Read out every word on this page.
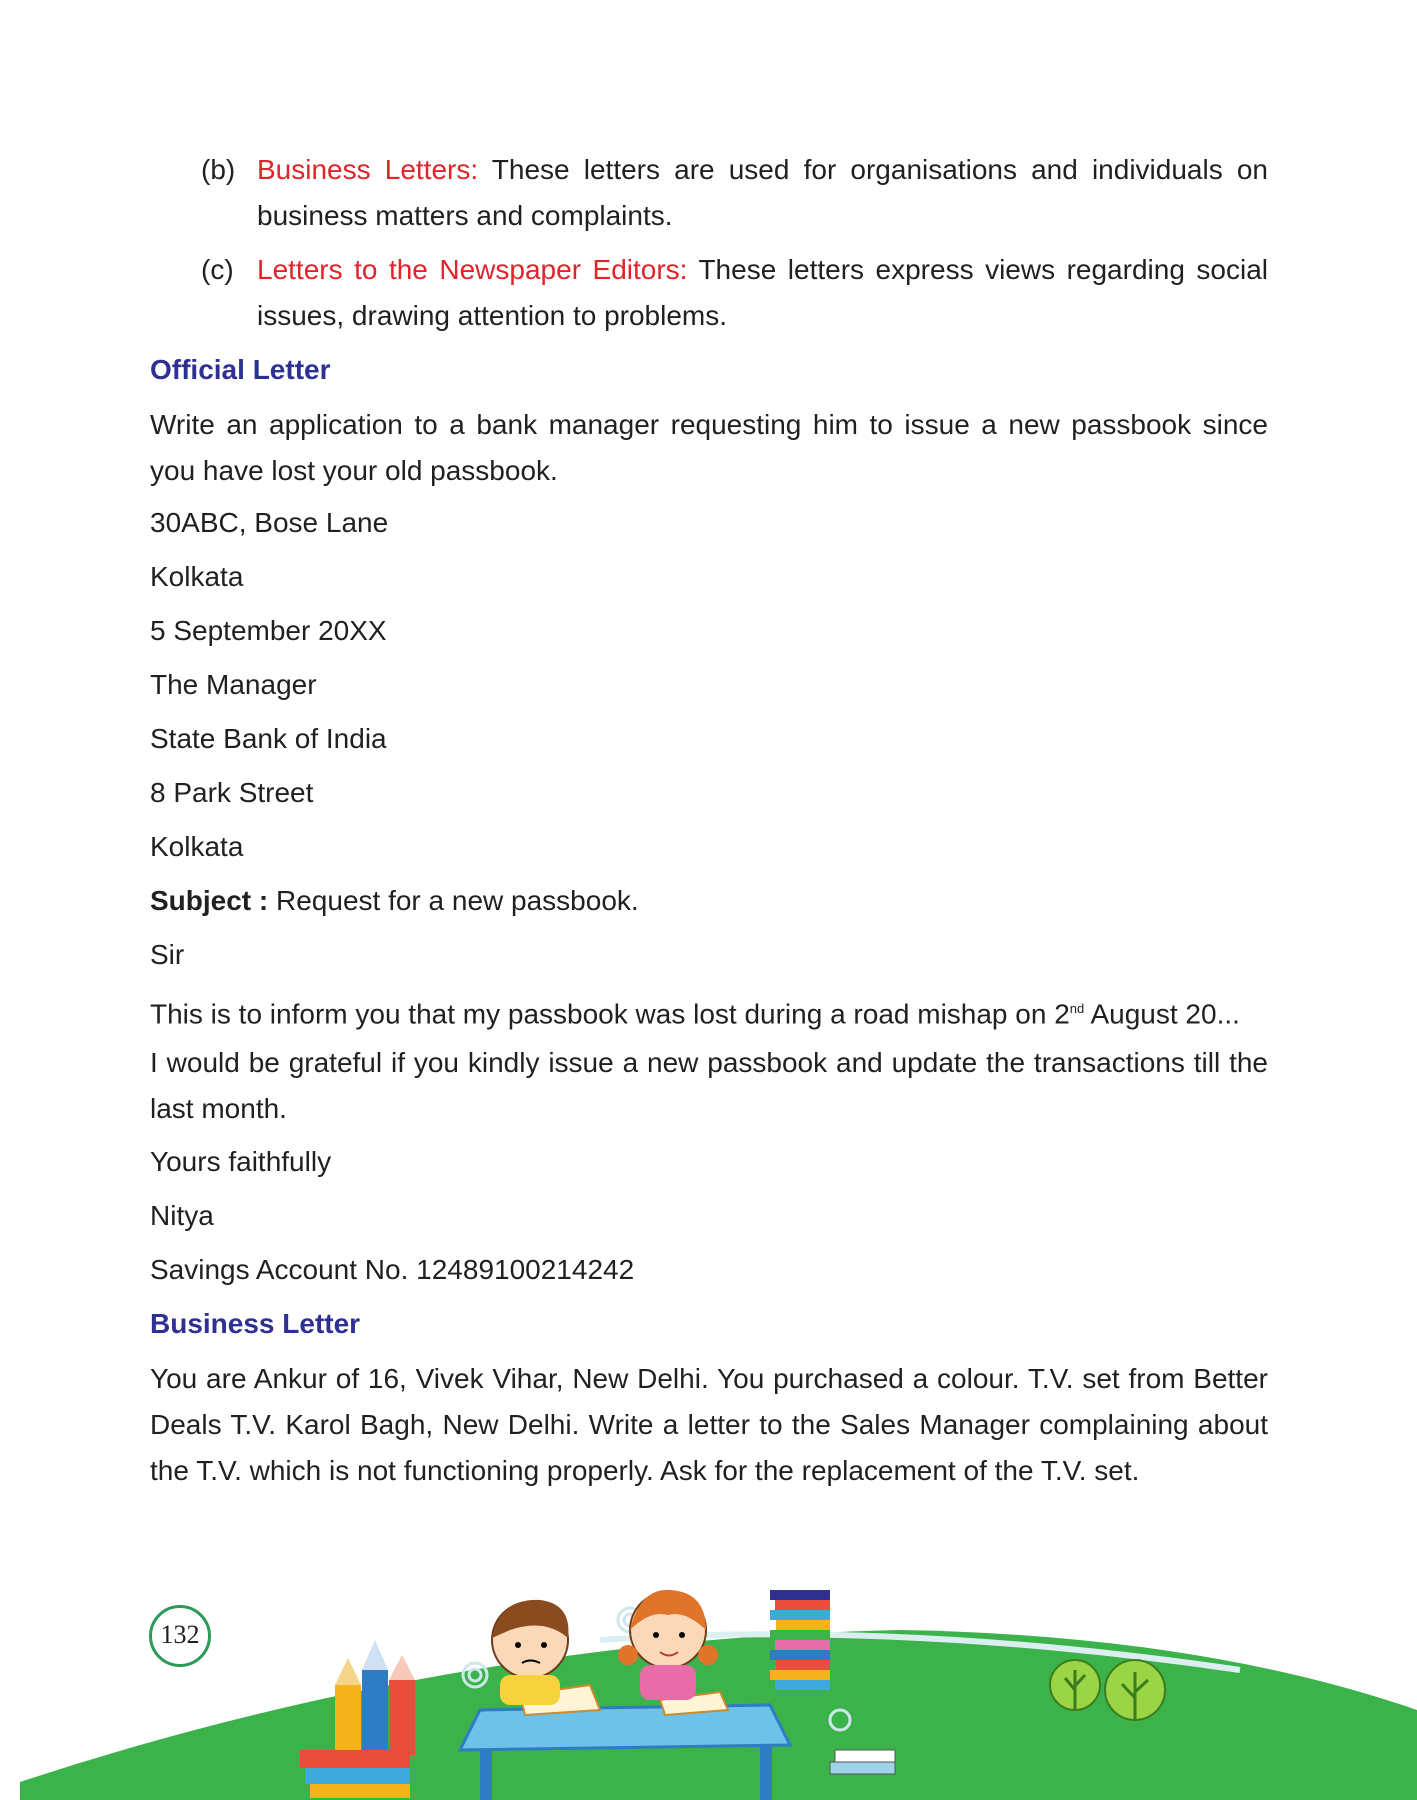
(b) Business Letters: These letters are used for organisations and individuals on business matters and complaints.
(c) Letters to the Newspaper Editors: These letters express views regarding social issues, drawing attention to problems.
Official Letter
Write an application to a bank manager requesting him to issue a new passbook since you have lost your old passbook.
30ABC, Bose Lane
Kolkata
5 September 20XX
The Manager
State Bank of India
8 Park Street
Kolkata
Subject : Request for a new passbook.
Sir
This is to inform you that my passbook was lost during a road mishap on 2nd August 20...
I would be grateful if you kindly issue a new passbook and update the transactions till the last month.
Yours faithfully
Nitya
Savings Account No. 12489100214242
Business Letter
You are Ankur of 16, Vivek Vihar, New Delhi. You purchased a colour. T.V. set from Better Deals T.V. Karol Bagh, New Delhi. Write a letter to the Sales Manager complaining about the T.V. which is not functioning properly. Ask for the replacement of the T.V. set.
132
